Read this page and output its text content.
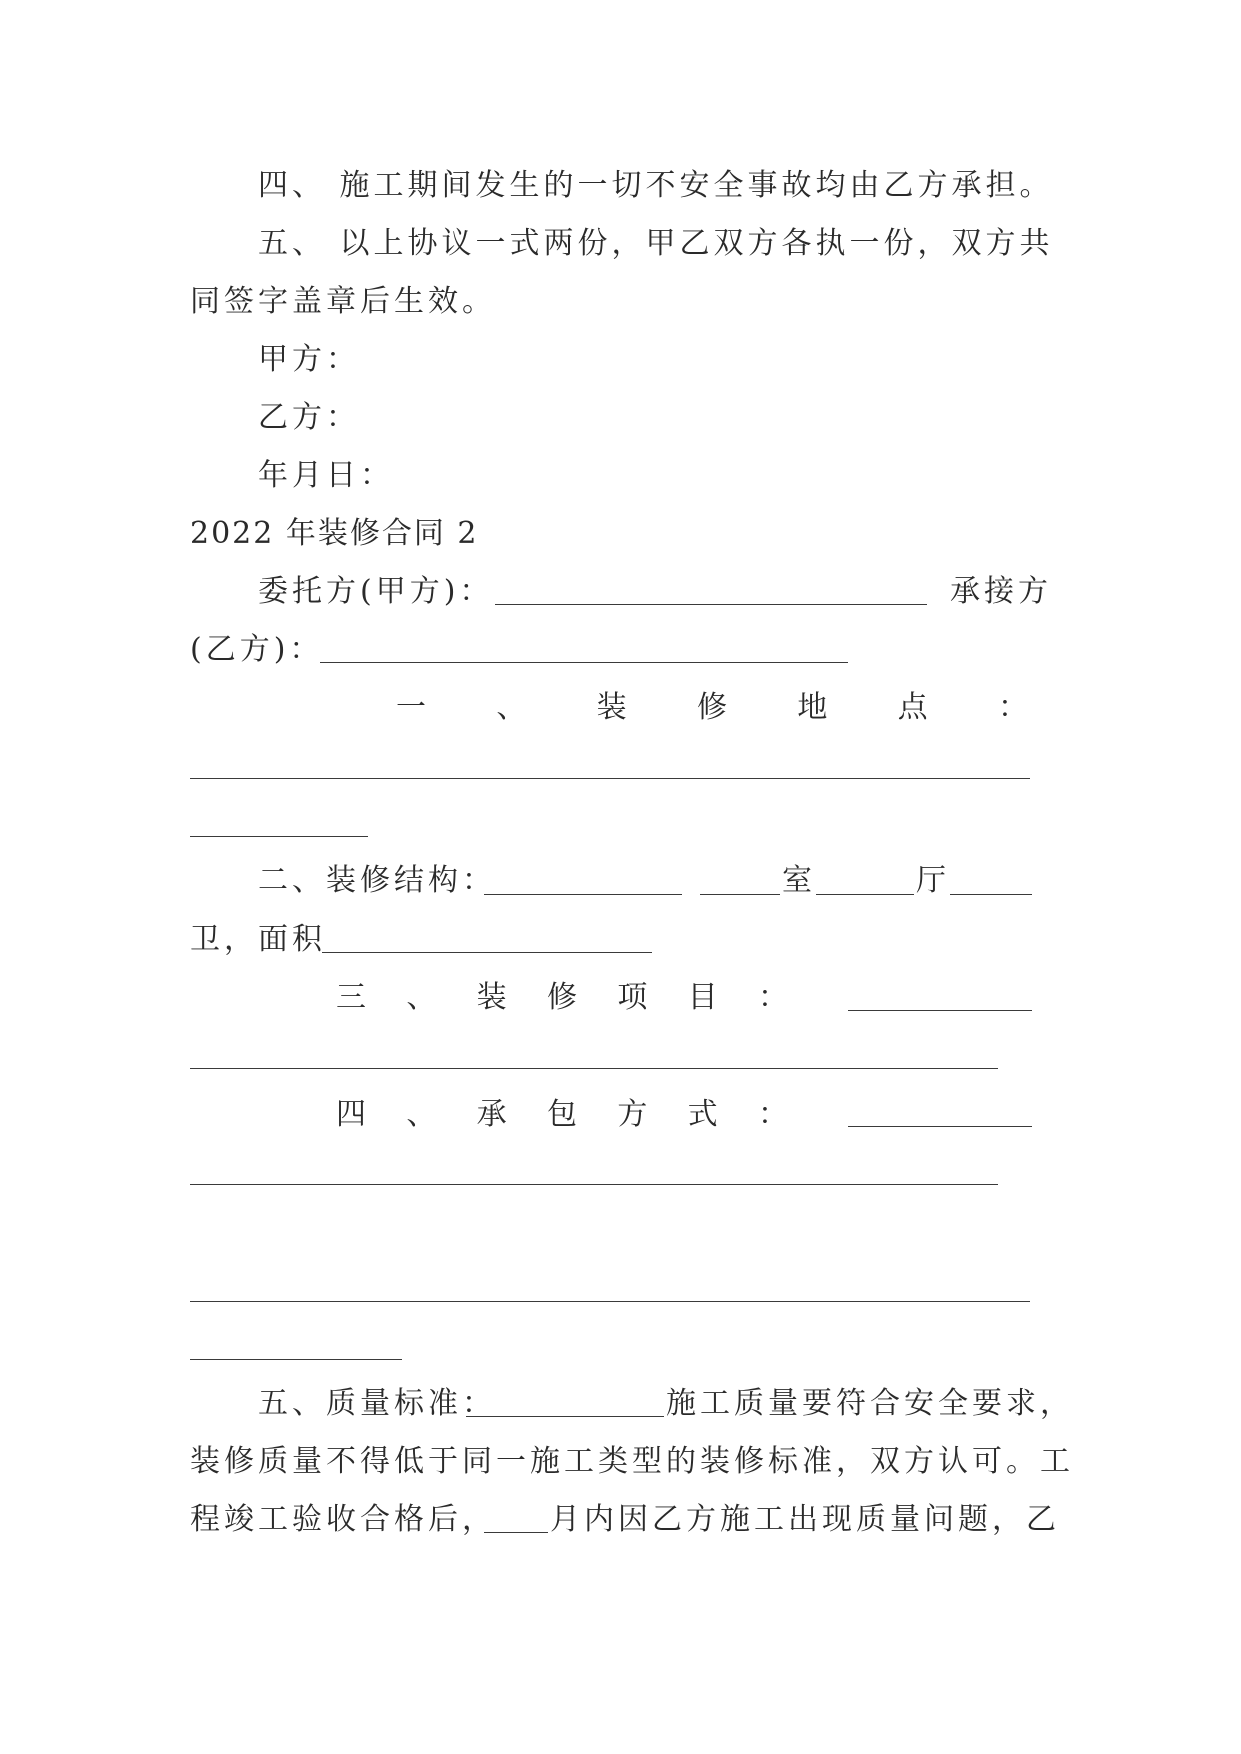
四、 施工期间发生的一切不安全事故均由乙方承担。
五、 以上协议一式两份，甲乙双方各执一份，双方共
同签字盖章后生效。
甲方：
乙方：
年月日：
2022 年装修合同 2
委托方(甲方)：	承接方
(乙方)：
一 、 装 修 地 点 ：
二、装修结构：	室	厅
卫，面积
三 、 装 修 项 目 ：
四 、 承 包 方 式 ：
五、质量标准：	施工质量要符合安全要求，
装修质量不得低于同一施工类型的装修标准，双方认可。工
程竣工验收合格后， 月内因乙方施工出现质量问题，乙
